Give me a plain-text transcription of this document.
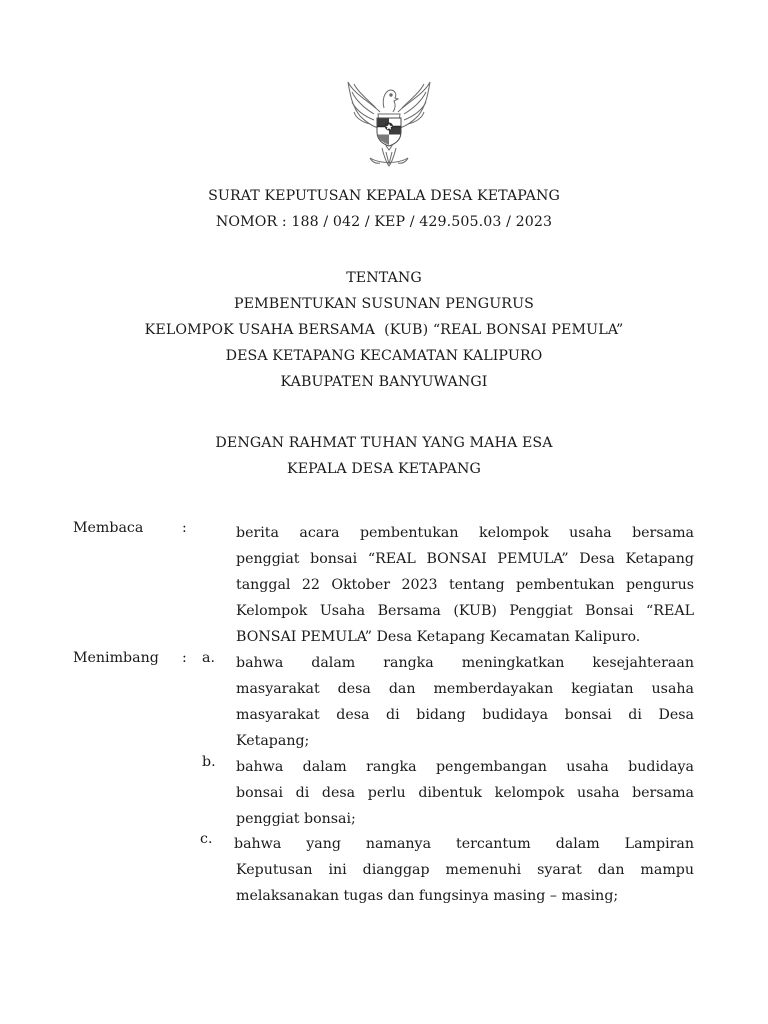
SURAT KEPUTUSAN KEPALA DESA KETAPANG
NOMOR : 188 / 042 / KEP / 429.505.03 / 2023
TENTANG
PEMBENTUKAN SUSUNAN PENGURUS
KELOMPOK USAHA BERSAMA  (KUB) “REAL BONSAI PEMULA”
DESA KETAPANG KECAMATAN KALIPURO
KABUPATEN BANYUWANGI
DENGAN RAHMAT TUHAN YANG MAHA ESA
KEPALA DESA KETAPANG
Membaca	:	berita acara pembentukan kelompok usaha bersama
penggiat bonsai “REAL BONSAI PEMULA” Desa Ketapang
tanggal 22 Oktober 2023 tentang pembentukan pengurus
Kelompok Usaha Bersama (KUB) Penggiat Bonsai “REAL
BONSAI PEMULA” Desa Ketapang Kecamatan Kalipuro.
Menimbang : a. bahwa dalam rangka meningkatkan kesejahteraan
masyarakat desa dan memberdayakan kegiatan usaha
masyarakat desa di bidang budidaya bonsai di Desa
Ketapang;
b. bahwa dalam rangka pengembangan usaha budidaya
bonsai di desa perlu dibentuk kelompok usaha bersama
penggiat bonsai;
c. bahwa yang namanya tercantum dalam Lampiran
Keputusan ini dianggap memenuhi syarat dan mampu
melaksanakan tugas dan fungsinya masing – masing;
